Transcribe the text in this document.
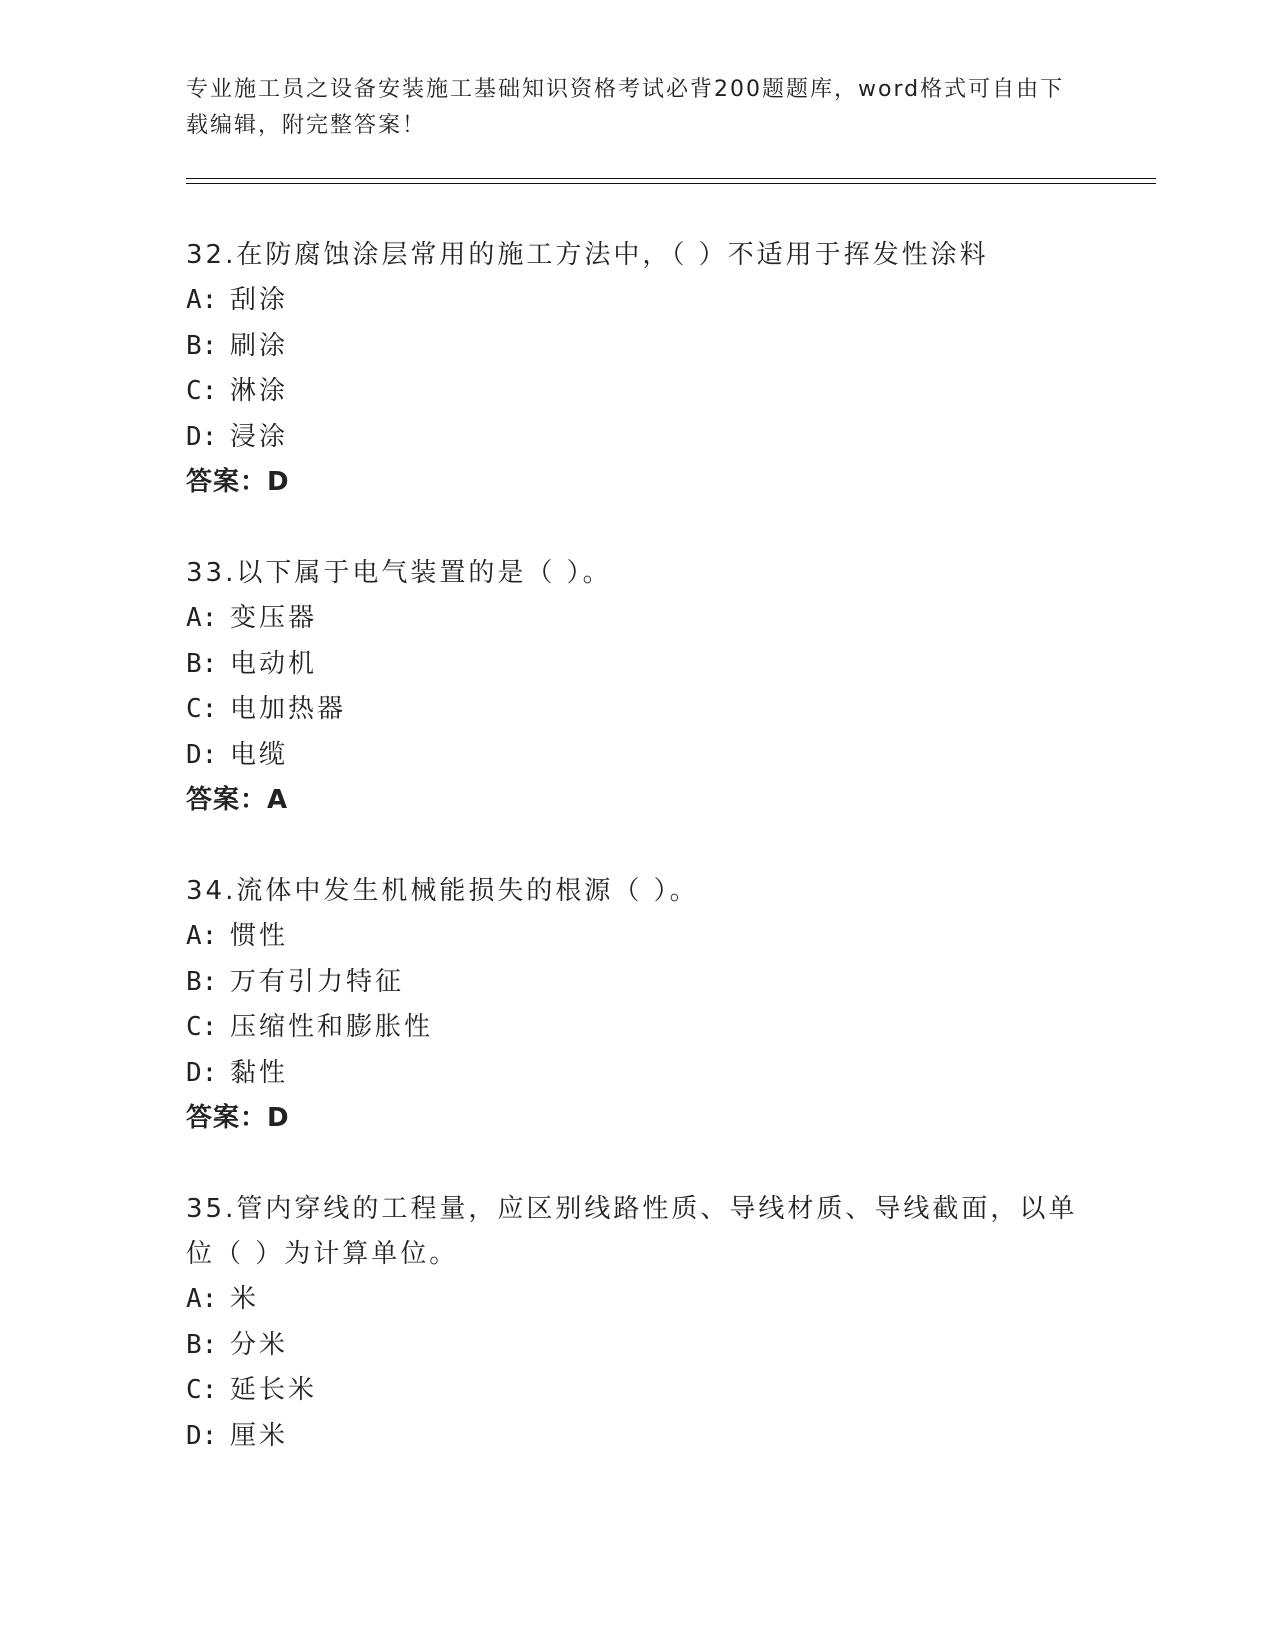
专业施工员之设备安装施工基础知识资格考试必背200题题库，word格式可自由下载编辑，附完整答案！
32.在防腐蚀涂层常用的施工方法中，（ ）不适用于挥发性涂料
A: 刮涂
B: 刷涂
C: 淋涂
D: 浸涂
答案：D
33.以下属于电气装置的是（ ）。
A: 变压器
B: 电动机
C: 电加热器
D: 电缆
答案：A
34.流体中发生机械能损失的根源（ ）。
A: 惯性
B: 万有引力特征
C: 压缩性和膨胀性
D: 黏性
答案：D
35.管内穿线的工程量，应区别线路性质、导线材质、导线截面，以单位（ ）为计算单位。
A: 米
B: 分米
C: 延长米
D: 厘米
